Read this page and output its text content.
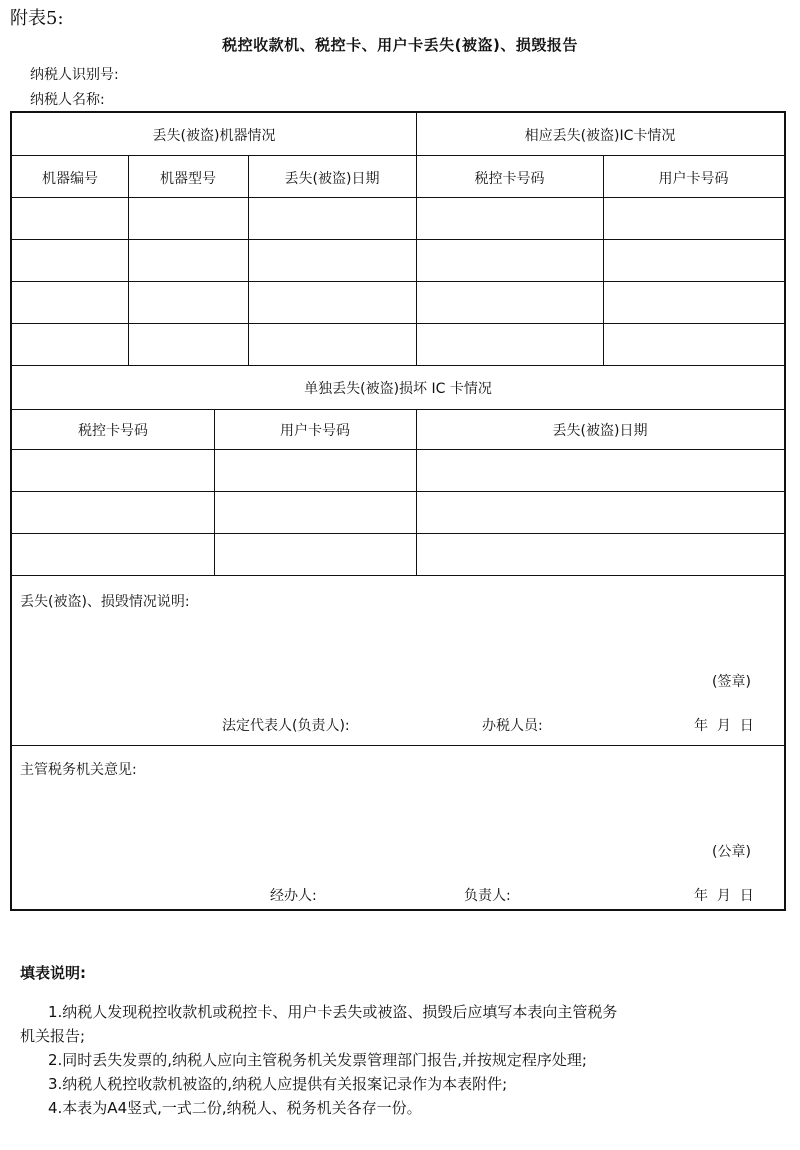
附表5:
税控收款机、税控卡、用户卡丢失(被盗)、损毁报告
纳税人识别号:
纳税人名称:
丢失(被盗)机器情况	相应丢失(被盗)IC卡情况
机器编号	机器型号	丢失(被盗)日期	税控卡号码	用户卡号码
单独丢失(被盗)损坏 IC 卡情况
税控卡号码	用户卡号码	丢失(被盗)日期
丢失(被盗)、损毁情况说明:
(签章)
法定代表人(负责人):	办税人员:	年  月  日
主管税务机关意见:
(公章)
经办人:	负责人:	年  月  日
填表说明:
1.纳税人发现税控收款机或税控卡、用户卡丢失或被盗、损毁后应填写本表向主管税务
机关报告;
2.同时丢失发票的,纳税人应向主管税务机关发票管理部门报告,并按规定程序处理;
3.纳税人税控收款机被盗的,纳税人应提供有关报案记录作为本表附件;
4.本表为A4竖式,一式二份,纳税人、税务机关各存一份。
